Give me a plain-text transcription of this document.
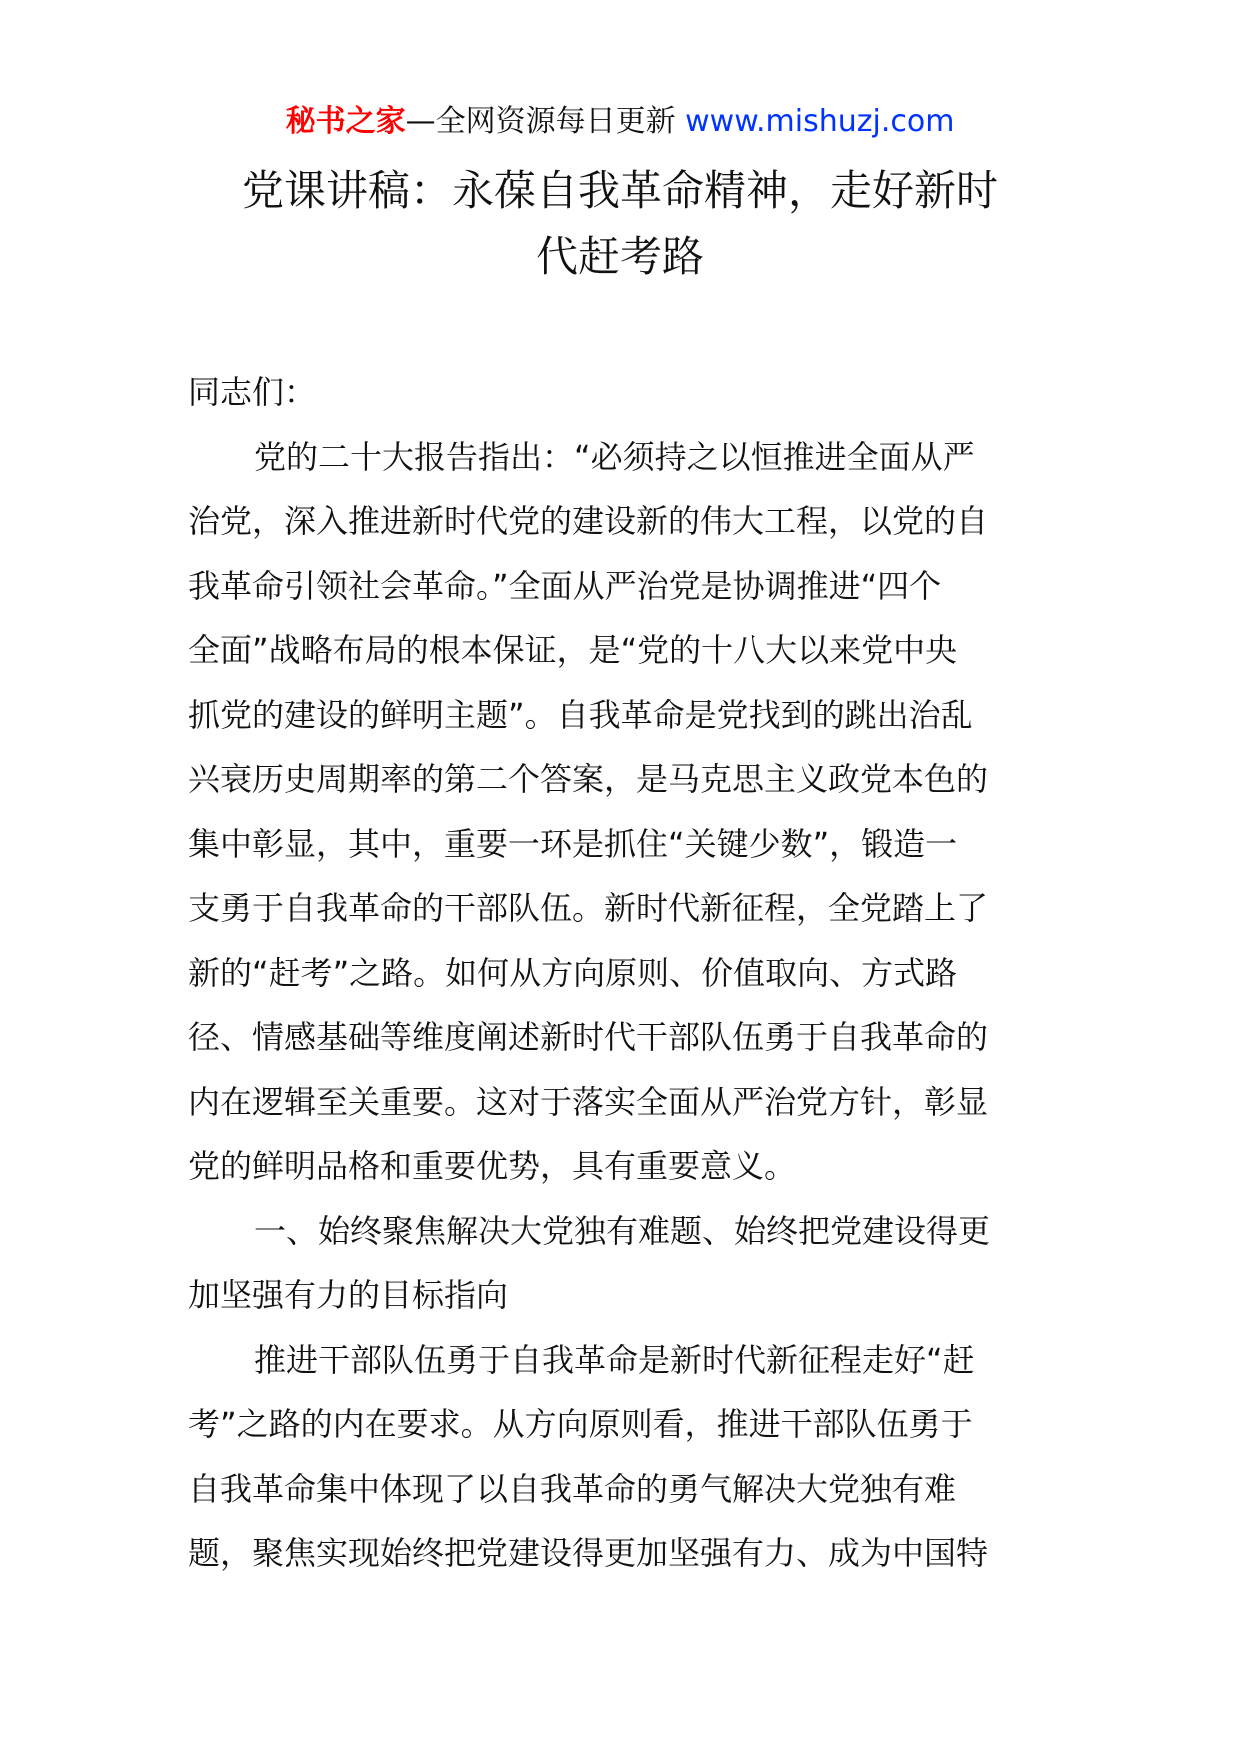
秘书之家—全网资源每日更新 www.mishuzj.com
党课讲稿：永葆自我革命精神，走好新时
代赶考路
同志们：
党的二十大报告指出：“必须持之以恒推进全面从严
治党，深入推进新时代党的建设新的伟大工程，以党的自
我革命引领社会革命。”全面从严治党是协调推进“四个
全面”战略布局的根本保证，是“党的十八大以来党中央
抓党的建设的鲜明主题”。自我革命是党找到的跳出治乱
兴衰历史周期率的第二个答案，是马克思主义政党本色的
集中彰显，其中，重要一环是抓住“关键少数”，锻造一
支勇于自我革命的干部队伍。新时代新征程，全党踏上了
新的“赶考”之路。如何从方向原则、价值取向、方式路
径、情感基础等维度阐述新时代干部队伍勇于自我革命的
内在逻辑至关重要。这对于落实全面从严治党方针，彰显
党的鲜明品格和重要优势，具有重要意义。
一、始终聚焦解决大党独有难题、始终把党建设得更
加坚强有力的目标指向
推进干部队伍勇于自我革命是新时代新征程走好“赶
考”之路的内在要求。从方向原则看，推进干部队伍勇于
自我革命集中体现了以自我革命的勇气解决大党独有难
题，聚焦实现始终把党建设得更加坚强有力、成为中国特
